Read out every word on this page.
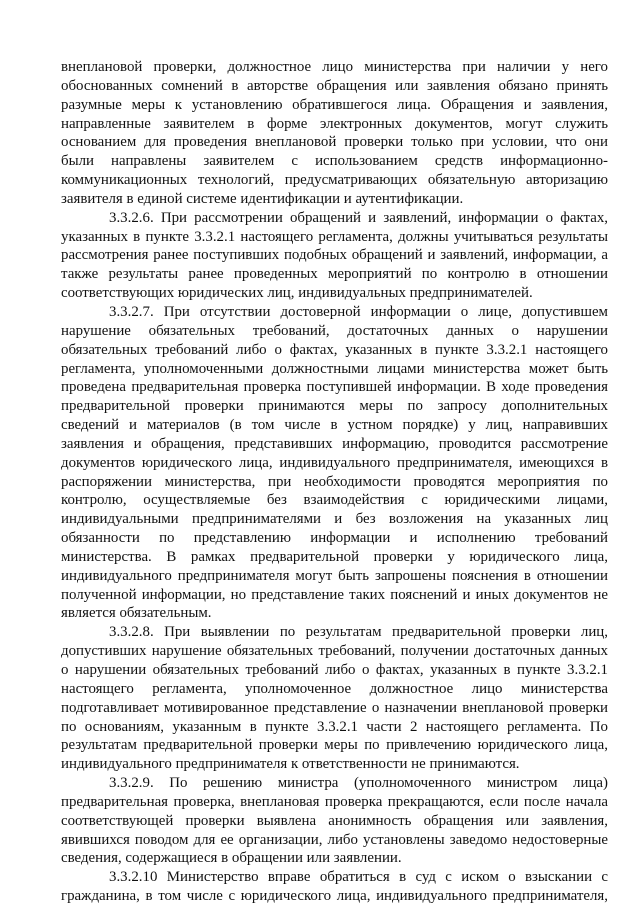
внеплановой проверки, должностное лицо министерства при наличии у него
обоснованных сомнений в авторстве обращения или заявления обязано принять
разумные меры к установлению обратившегося лица. Обращения и заявления,
направленные заявителем в форме электронных документов, могут служить
основанием для проведения внеплановой проверки только при условии, что они
были направлены заявителем с использованием средств информационно-
коммуникационных технологий, предусматривающих обязательную авторизацию
заявителя в единой системе идентификации и аутентификации.

3.3.2.6. При рассмотрении обращений и заявлений, информации о фактах,
указанных в пункте 3.3.2.1 настоящего регламента, должны учитываться результаты
рассмотрения ранее поступивших подобных обращений и заявлений, информации, а
также результаты ранее проведенных мероприятий по контролю в отношении
соответствующих юридических лиц, индивидуальных предпринимателей.

3.3.2.7. При отсутствии достоверной информации о лице, допустившем
нарушение обязательных требований, достаточных данных о нарушении
обязательных требований либо о фактах, указанных в пункте 3.3.2.1 настоящего
регламента, уполномоченными должностными лицами министерства может быть
проведена предварительная проверка поступившей информации. В ходе проведения
предварительной проверки принимаются меры по запросу дополнительных
сведений и материалов (в том числе в устном порядке) у лиц, направивших
заявления и обращения, представивших информацию, проводится рассмотрение
документов юридического лица, индивидуального предпринимателя, имеющихся в
распоряжении министерства, при необходимости проводятся мероприятия по
контролю, осуществляемые без взаимодействия с юридическими лицами,
индивидуальными предпринимателями и без возложения на указанных лиц
обязанности по представлению информации и исполнению требований
министерства. В рамках предварительной проверки у юридического лица,
индивидуального предпринимателя могут быть запрошены пояснения в отношении
полученной информации, но представление таких пояснений и иных документов не
является обязательным.

3.3.2.8. При выявлении по результатам предварительной проверки лиц,
допустивших нарушение обязательных требований, получении достаточных данных
о нарушении обязательных требований либо о фактах, указанных в пункте 3.3.2.1
настоящего регламента, уполномоченное должностное лицо министерства
подготавливает мотивированное представление о назначении внеплановой проверки
по основаниям, указанным в пункте 3.3.2.1 части 2 настоящего регламента. По
результатам предварительной проверки меры по привлечению юридического лица,
индивидуального предпринимателя к ответственности не принимаются.

3.3.2.9. По решению министра (уполномоченного министром лица)
предварительная проверка, внеплановая проверка прекращаются, если после начала
соответствующей проверки выявлена анонимность обращения или заявления,
явившихся поводом для ее организации, либо установлены заведомо недостоверные
сведения, содержащиеся в обращении или заявлении.

3.3.2.10 Министерство вправе обратиться в суд с иском о взыскании с
гражданина, в том числе с юридического лица, индивидуального предпринимателя,
